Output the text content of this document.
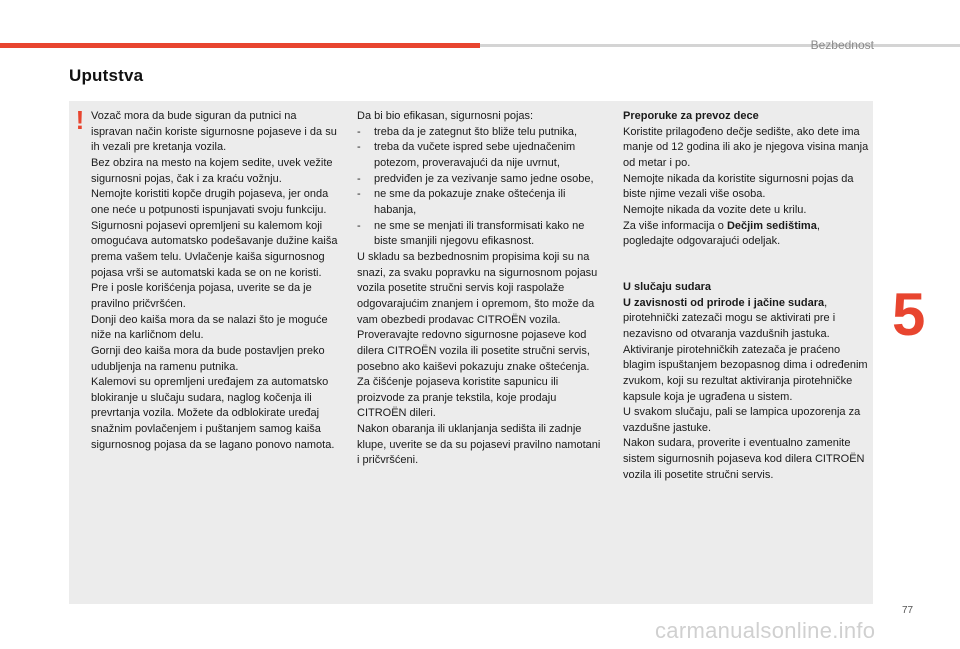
Bezbednost
Uputstva
! Vozač mora da bude siguran da putnici na ispravan način koriste sigurnosne pojaseve i da su ih vezali pre kretanja vozila.

Bez obzira na mesto na kojem sedite, uvek vežite sigurnosni pojas, čak i za kraću vožnju.

Nemojte koristiti kopče drugih pojaseva, jer onda one neće u potpunosti ispunjavati svoju funkciju.

Sigurnosni pojasevi opremljeni su kalemom koji omogućava automatsko podešavanje dužine kaiša prema vašem telu. Uvlačenje kaiša sigurnosnog pojasa vrši se automatski kada se on ne koristi.

Pre i posle korišćenja pojasa, uverite se da je pravilno pričvršćen.

Donji deo kaiša mora da se nalazi što je moguće niže na karličnom delu.

Gornji deo kaiša mora da bude postavljen preko udubljenja na ramenu putnika.

Kalemovi su opremljeni uređajem za automatsko blokiranje u slučaju sudara, naglog kočenja ili prevrtanja vozila. Možete da odblokirate uređaj snažnim povlačenjem i puštanjem samog kaiša sigurnosnog pojasa da se lagano ponovo namota.

Da bi bio efikasan, sigurnosni pojas:

-	treba da je zategnut što bliže telu putnika,
-	treba da vučete ispred sebe ujednačenim potezom, proveravajući da nije uvrnut,
-	predviđen je za vezivanje samo jedne osobe,
-	ne sme da pokazuje znake oštećenja ili habanja,
-	ne sme se menjati ili transformisati kako ne biste smanjili njegovu efikasnost.

U skladu sa bezbednosnim propisima koji su na snazi, za svaku popravku na sigurnosnom pojasu vozila posetite stručni servis koji raspolaže odgovarajućim znanjem i opremom, što može da vam obezbedi prodavac CITROËN vozila.

Proveravajte redovno sigurnosne pojaseve kod dilera CITROËN vozila ili posetite stručni servis, posebno ako kaiševi pokazuju znake oštećenja.

Za čišćenje pojaseva koristite sapunicu ili proizvode za pranje tekstila, koje prodaju CITROËN dileri.

Nakon obaranja ili uklanjanja sedišta ili zadnje klupe, uverite se da su pojasevi pravilno namotani i pričvršćeni.

Preporuke za prevoz dece

Koristite prilagođeno dečje sedište, ako dete ima manje od 12 godina ili ako je njegova visina manja od metar i po.

Nemojte nikada da koristite sigurnosni pojas da biste njime vezali više osoba.

Nemojte nikada da vozite dete u krilu.

Za više informacija o Dečjim sedištima, pogledajte odgovarajući odeljak.

U slučaju sudara

U zavisnosti od prirode i jačine sudara, pirotehnički zatezači mogu se aktivirati pre i nezavisno od otvaranja vazdušnih jastuka.

Aktiviranje pirotehničkih zatezača je praćeno blagim ispuštanjem bezopasnog dima i određenim zvukom, koji su rezultat aktiviranja pirotehničke kapsule koja je ugrađena u sistem.

U svakom slučaju, pali se lampica upozorenja za vazdušne jastuke.

Nakon sudara, proverite i eventualno zamenite sistem sigurnosnih pojaseva kod dilera CITROËN vozila ili posetite stručni servis.

5
77
carmanualsonline.info
